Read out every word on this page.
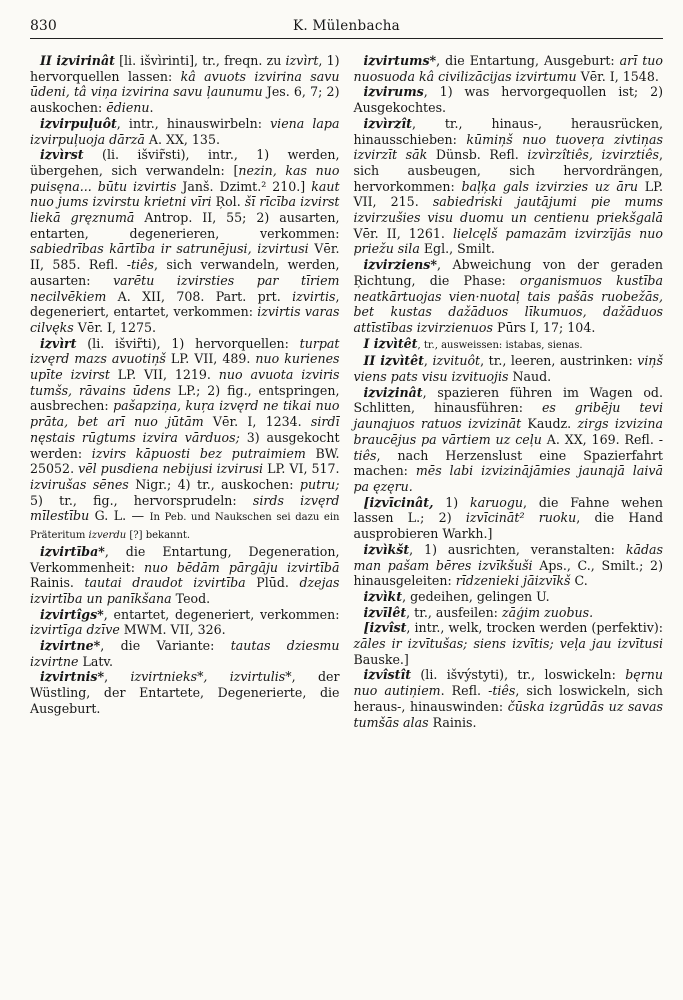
830	K. Mülenbacha

II izvirinât [li. išvìrinti], tr., freqn. zu izvìrt, 1) hervorquellen lassen: kâ avuots izvirina savu ūdeni, tâ viņa izvirina savu ļaunumu Jes. 6, 7; 2) auskochen: ēdienu.

izvirpuļuôt, intr., hinauswirbeln: viena lapa izvirpuļuoja dārzā A. XX, 135.

izvìrst (li. išvir̃sti), intr., 1) werden, übergehen, sich verwandeln: [nezin, kas nuo puisęna... būtu izvirtis Janš. Dzimt.² 210.] kaut nuo jums izvirstu krietni vīri Ŗol. šī rīcība izvirst liekā gręznumā Antrop. II, 55; 2) ausarten, entarten, degenerieren, verkommen: sabiedrības kārtība ir satrunējusi, izvirtusi Vēr. II, 585. Refl. -tiês, sich verwandeln, werden, ausarten: varētu izvirsties par tīriem necilvēkiem A. XII, 708. Part. prt. izvirtis, degeneriert, entartet, verkommen: izvirtis varas cilvęks Vēr. I, 1275.

izvìrt (li. išvir̃ti), 1) hervorquellen: turpat izvęrd mazs avuotiņš LP. VII, 489. nuo kurienes upīte izvirst LP. VII, 1219. nuo avuota izviris tumšs, rāvains ūdens LP.; 2) fig., entspringen, ausbrechen: pašapziņa, kuŗa izvęrd ne tikai nuo prāta, bet arī nuo jūtām Vēr. I, 1234. sirdī nęstais rūgtums izvira vārduos; 3) ausgekocht werden: izvirs kāpuosti bez putraimiem BW. 25052. vēl pusdiena nebijusi izvirusi LP. VI, 517. izvirušas sēnes Nigr.; 4) tr., auskochen: putru; 5) tr., fig., hervorsprudeln: sirds izvęrd mīlestību G. L. — In Peb. und Naukschen sei dazu ein Präteritum izverdu [?] bekannt.

izvirtība*, die Entartung, Degeneration, Verkommenheit: nuo bēdām pārgāju izvirtībā Rainis. tautai draudot izvirtība Plūd. dzejas izvirtība un panīkšana Teod.

izvirtîgs*, entartet, degeneriert, verkommen: izvirtīga dzīve MWM. VII, 326.

izvirtne*, die Variante: tautas dziesmu izvirtne Latv.

izvirtnis*, izvirtnieks*, izvirtulis*, der Wüstling, der Entartete, Degenerierte, die Ausgeburt.

izvirtums*, die Entartung, Ausgeburt: arī tuo nuosuoda kâ civilizācijas izvirtumu Vēr. I, 1548.

izvirums, 1) was hervorgequollen ist; 2) Ausgekochtes.

izvìrzît, tr., hinaus-, herausrücken, hinausschieben: kūmiņš nuo tuoveŗa zivtiņas izvirzīt sāk Dünsb. Refl. izvìrzîtiês, izvirztiês, sich ausbeugen, sich hervordrängen, hervorkommen: baļķa gals izvirzies uz āru LP. VII, 215. sabiedriski jautājumi pie mums izvirzušies visu duomu un centienu priekšgalā Vēr. II, 1261. lielcęlš pamazām izvirzījās nuo priežu sila Egl., Smilt.

izvirziens*, Abweichung von der geraden Ŗichtung, die Phase: organismuos kustība neatkārtuojas vien·nuotaļ tais pašās ruobežās, bet kustas dažāduos līkumuos, dažāduos attīstības izvirzienuos Pūrs I, 17; 104.

I izvìtêt, tr., ausweissen: istabas, sienas.

II izvìtêt, izvituôt, tr., leeren, austrinken: viņš viens pats visu izvituojis Naud.

izvizinât, spazieren führen im Wagen od. Schlitten, hinausführen: es gribēju tevi jaunajuos ratuos izvizināt Kaudz. zirgs izvizina braucējus pa vārtiem uz ceļu A. XX, 169. Refl. -tiês, nach Herzenslust eine Spazierfahrt machen: mēs labi izvizinājāmies jaunajā laivā pa ęzęru.

[izvīcinât, 1) karuogu, die Fahne wehen lassen L.; 2) izvīcināt² ruoku, die Hand ausprobieren Warkh.]

izvìkšt, 1) ausrichten, veranstalten: kādas man pašam bēres izvīkšuši Aps., C., Smilt.; 2) hinausgeleiten: rīdzenieki jāizvīkš C.

izvìkt, gedeihen, gelingen U.

izvīlêt, tr., ausfeilen: zāģim zuobus.

[izvîst, intr., welk, trocken werden (perfektiv): zāles ir izvītušas; siens izvītis; veļa jau izvītusi Bauske.]

izvîstît (li. išvýstyti), tr., loswickeln: bęrnu nuo autiņiem. Refl. -tiês, sich loswickeln, sich heraus-, hinauswinden: čūska izgrūdās uz savas tumšās alas Rainis.
